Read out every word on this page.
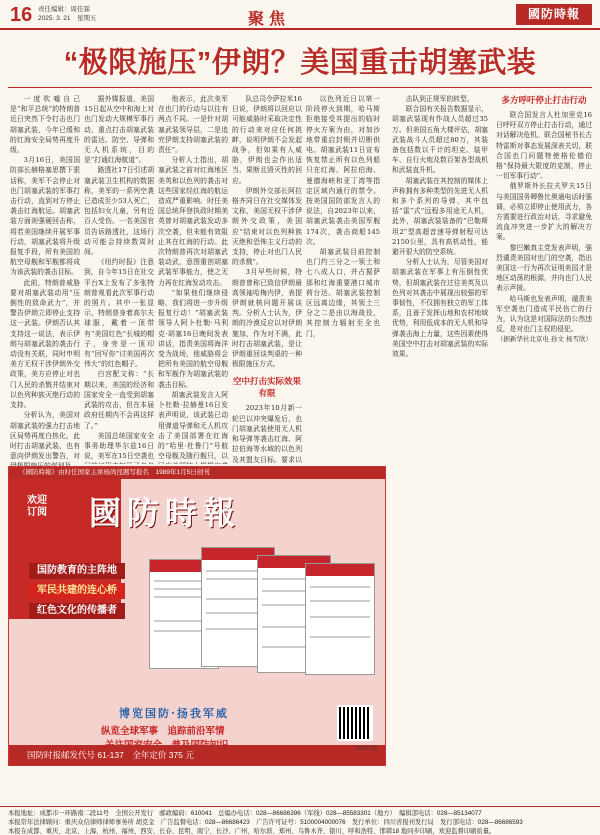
16 责任编辑：周佳霖
2025. 3. 21　星期五	聚焦	國防時報
“极限施压”伊朗？美国重击胡塞武装

一度吹嘘自己是“和平总统”的特朗普近日突然下令打击也门胡塞武装，今年已缓和的红海安全局势再度升级。

3月16日，美国国防部长赫格塞思撰下狠话称，美军不会停止对也门胡塞武装的军事打击行动，直到对方停止袭击红海航运。胡塞武装方面则强硬回击称，将若美国继续开展军事行动，胡塞武装将升级报复手段，所有美国的航空母舰和军舰都将成为该武装的袭击目标。

此前，特朗普威胁要对胡塞武装动用“压倒性的致命武力”，并警告伊朗立即停止支持这一武装。伊朗否认其支持这一说法，表示伊朗与胡塞武装的袭击行动没有关联，同时申明美方无权干涉伊朗外交政策，美方应停止对也门人民的杀戮并结束对以色列种族灭绝行动的支持。

分析认为，美国对胡塞武装的强力打击地区局势再度白热化，此时打击胡塞武装，也有意向伊朗发出警告，对

据外媒报道，美国15日起从空中和海上对也门发动大规模军事行动，重点打击胡塞武装的雷达、防空、导弹和无人机系统，目的是“打通红海航道”。

路透社17日引述胡塞武装卫生机构的数据称，美军的一系列空袭已造成至少53人死亡，包括妇女儿童，另有近百人受伤。一名美国官员告诉路透社，这场行动可能会持续数周时间。

《纽约时报》注意到，自今年15日在社交平台X上发布了多张特朗普观看此次军事行动的照片。其中一张显示，特朗普身着高尔夫球服，戴着一顶带有“美国红色”长城的帽子，身旁是一顶印有“回写你”讨美国再次伟大”的红色帽子。

白宫配文称：“长期以来，美国的经济和国家安全一直受到胡塞武装的攻击，但在本届政府任期内不会再这样了。”

美国总统国家安全事务助理华尔兹16日说，美军在15日空袭也

他表示，此次美军在也门的行动与以往有两点不同。一是针对胡塞武装领导层，二是追究伊朗支持胡塞武装的责任”。

分析人士指出，胡塞武装之前对红海地区美英和以色列的袭击对这些国家经红海的航运造成严重影响。时任美国总统拜登执政时期美英曾对胡塞武装发动多次空袭，但未能有效阻止其在红海的行动。此次特朗普再次对胡塞武装动武，意图重创胡塞武装军事能力，使之无力再在红海发动攻击。

“如果他们继续侵略，我们将进一步升级报复行动！”胡塞武装领导人阿卜杜勒·马利克·胡塞16日晚间发表讲话，指责美国将海洋变为战场，他威胁将会把所有美国的航空母舰和军舰作为胡塞武装的袭击目标。

胡塞武装发言人阿卜杜勒·拉赫曼16日发表声明说，该武装已动用弹道导弹和无人机攻击了美国部署在红海的“哈里·杜鲁门”号航空母舰及随行舰只，以

队总司令萨拉米16日说，伊朗将以回应以可能威胁时采取决定性的行动来对应任何挑衅，说明伊朗不会发起战争，但如果有人威胁，伊朗也会作出适当、果断且毁灭性的回应。

伊朗外交部长阿拉格齐同日在社交媒体发文称，美国无权干涉伊朗外交政策，美国应“结束对以色列种族灭绝和恐怖主义行动的支持，停止对也门人民的杀戮”。

3月早些时候，特朗普曾称已致信伊朗最高领袖哈梅内伊，表提伊朗就核问题开展谈判。分析人士认为，伊朗的冷漠反应以对伊朗施加，作为对不满，此时打击胡塞武装，是让伊朗重回谈判桌的一种极限施压方式。

空中打击实际效果有限

2023年10月新一轮巴以冲突爆发后，也门胡塞武装使用无人机和导弹等袭击红海、阿拉伯海等水域的以色列及其盟友目标。要求以

以色列近日以第一阶段停火到期，哈马斯拒绝接受其提出的临时停火方案为由，对加沙地带重启封锁并切断供电。胡塞武装11日宣布恢复禁止所有以色列船只在红海、阿拉伯海、曼德海峡和亚丁湾等指定区域内通行的禁令。按美国国防部发言人的说法，自2023年以来，胡塞武装袭击美国军舰174次，袭击商船145次。

胡塞武装目前控制也门约三分之一领土和七八成人口，并占据萨那和红海重要港口城市荷台达。胡塞武装控制区远离边缘，其领土三分之二是由以海战役，其控制力辐射至全也门，

击队到正规军的转型。

联合国有关报告数据显示，胡塞武装现有作战人员超过35万。但美国五角大楼评估，胡塞武装战斗人员超过80万，其装备包括数以千计的坦克、装甲车、自行火炮及数百架各型战机和武装直升机。

胡塞武装在其控制的媒体上声称拥有多种类型的先进无人机和多个系列的导弹，其中包括“雷”式“远程多用途无人机，此外，胡塞武装装备的“巴勒斯坦2”型高超音速导弹射程可达2150公里，具有高机动性，能避开很大的防空系统。

分析人士认为，尽管美国对胡塞武装在军事上有压倒性优势，但胡塞武装在过往美英及以色列对其袭击中展现出较强的军事韧性，不仅拥有独立的军工体系，且善于发挥山地和农村地域优势，利用低成本的无人机和导弹袭击海上力量，这些因素使得美国空中打击对胡塞武装的实际效果。

多方呼吁停止打击行动

联合国发言人杜加里克16日呼吁双方停止打击行动，通过对话解决危机。联合国秘书长古特雷斯对事态发展深表关切，联合国也门问题特使格伦德伯格“保持最大限度的克制，停止一切军事行动”。

俄罗斯外长拉夫罗夫15日与美国国务卿鲁比奥通电话时强调，必须立即停止使用武力，各方需要进行政治对话，寻求避免流血冲突进一步扩大的解决方案。

黎巴嫩真主党发表声明，强烈谴责美国对也门的空袭，指出美国这一行为再次证明美国才是地区动荡的根源，并向也门人民表示声援。

哈马斯也发表声明，谴责美军空袭也门造成平民伤亡的行为，认为这是对国际法的公然违反，是对也门主权的侵犯。

（据新华社北京电 孙文 杨雪欣）
《國防時報》由时任国家主席杨尚昆题写报名　1989年1月5日创刊
欢迎
订阅 國防時報
国防教育的主阵地
军民共建的连心桥
红色文化的传播者
博览国防·扬我军威
纵览全球军事　追踪前沿军情
国防时报邮发代号 61-137　全年定价 375 元
扫码订阅
本报地址：成都市一环路南二段11号　全国公开发行　邮政编码：610041　总编办电话：028—86686396（军线）028—85583301（地方）　编辑部电话：028—85134077
本报常年法律顾问：重庆众信律师律师事务所 胡克金　广告监督电话：028—86686423　广告许可证号：5100004000076　发行单位：四川省报刊发行局　发行部电话：028—86686593
本报在成都、重庆、北京、上海、杭州、福州、西安、长春、昆明、南宁、长沙、广州、哈尔滨、郑州、乌鲁木齐、银川、呼和浩特、邯郸18 地同步印刷，欢迎监督印刷质量。
